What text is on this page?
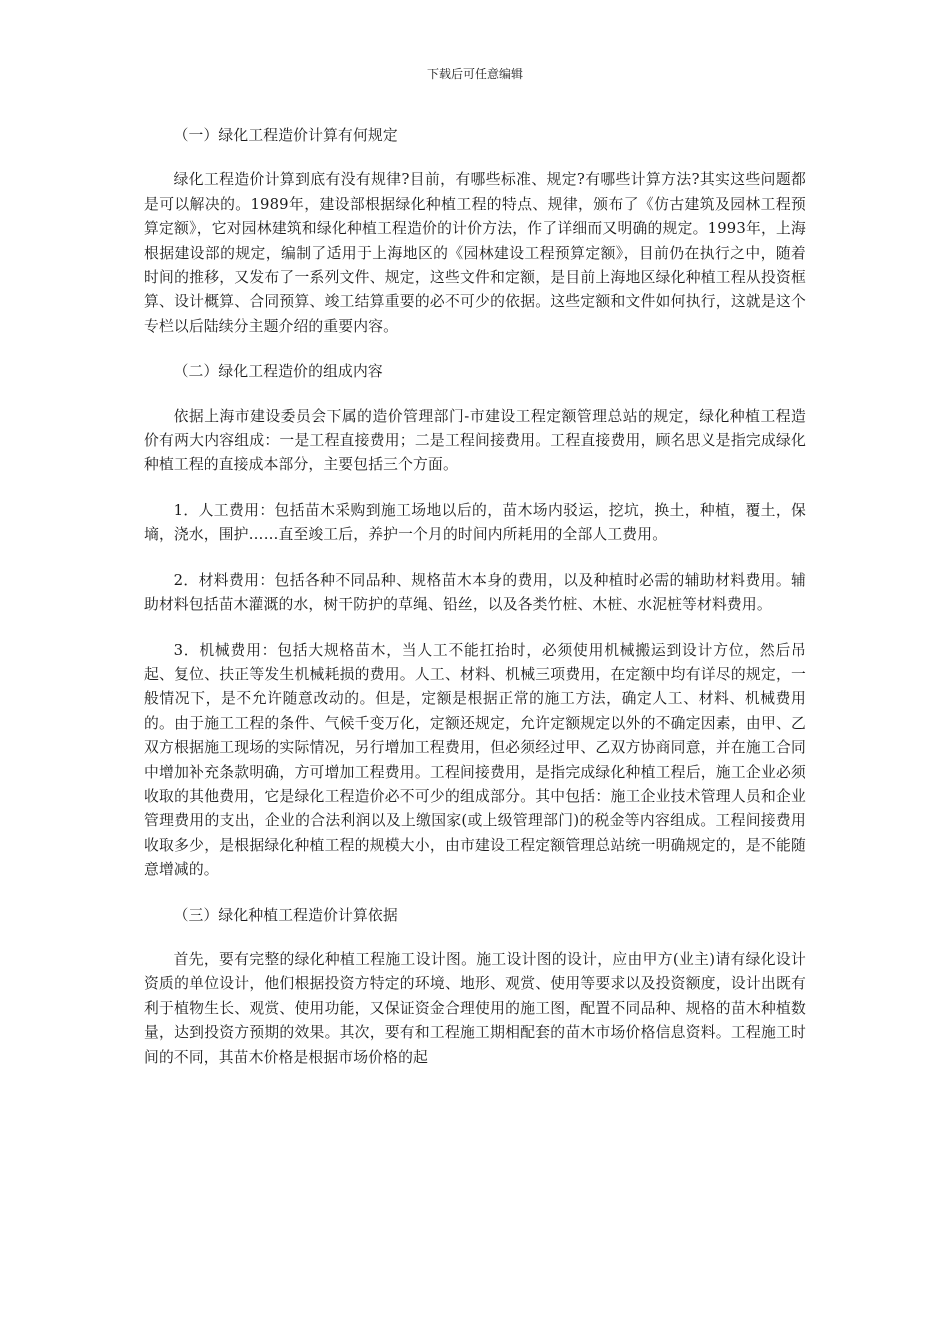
下载后可任意编辑

（一）绿化工程造价计算有何规定

绿化工程造价计算到底有没有规律?目前，有哪些标准、规定?有哪些计算方法?其实这些问题都是可以解决的。1989年，建设部根据绿化种植工程的特点、规律，颁布了《仿古建筑及园林工程预算定额》，它对园林建筑和绿化种植工程造价的计价方法，作了详细而又明确的规定。1993年，上海根据建设部的规定，编制了适用于上海地区的《园林建设工程预算定额》，目前仍在执行之中，随着时间的推移，又发布了一系列文件、规定，这些文件和定额，是目前上海地区绿化种植工程从投资框算、设计概算、合同预算、竣工结算重要的必不可少的依据。这些定额和文件如何执行，这就是这个专栏以后陆续分主题介绍的重要内容。

（二）绿化工程造价的组成内容

依据上海市建设委员会下属的造价管理部门-市建设工程定额管理总站的规定，绿化种植工程造价有两大内容组成：一是工程直接费用；二是工程间接费用。工程直接费用，顾名思义是指完成绿化种植工程的直接成本部分，主要包括三个方面。

1．人工费用：包括苗木采购到施工场地以后的，苗木场内驳运，挖坑，换土，种植，覆土，保墒，浇水，围护……直至竣工后，养护一个月的时间内所耗用的全部人工费用。

2．材料费用：包括各种不同品种、规格苗木本身的费用，以及种植时必需的辅助材料费用。辅助材料包括苗木灌溉的水，树干防护的草绳、铅丝，以及各类竹桩、木桩、水泥桩等材料费用。

3．机械费用：包括大规格苗木，当人工不能扛抬时，必须使用机械搬运到设计方位，然后吊起、复位、扶正等发生机械耗损的费用。人工、材料、机械三项费用，在定额中均有详尽的规定，一般情况下，是不允许随意改动的。但是，定额是根据正常的施工方法，确定人工、材料、机械费用的。由于施工工程的条件、气候千变万化，定额还规定，允许定额规定以外的不确定因素，由甲、乙双方根据施工现场的实际情况，另行增加工程费用，但必须经过甲、乙双方协商同意，并在施工合同中增加补充条款明确，方可增加工程费用。工程间接费用，是指完成绿化种植工程后，施工企业必须收取的其他费用，它是绿化工程造价必不可少的组成部分。其中包括：施工企业技术管理人员和企业管理费用的支出，企业的合法利润以及上缴国家(或上级管理部门)的税金等内容组成。工程间接费用收取多少，是根据绿化种植工程的规模大小，由市建设工程定额管理总站统一明确规定的，是不能随意增减的。

（三）绿化种植工程造价计算依据

首先，要有完整的绿化种植工程施工设计图。施工设计图的设计，应由甲方(业主)请有绿化设计资质的单位设计，他们根据投资方特定的环境、地形、观赏、使用等要求以及投资额度，设计出既有利于植物生长、观赏、使用功能，又保证资金合理使用的施工图，配置不同品种、规格的苗木种植数量，达到投资方预期的效果。其次，要有和工程施工期相配套的苗木市场价格信息资料。工程施工时间的不同，其苗木价格是根据市场价格的起
